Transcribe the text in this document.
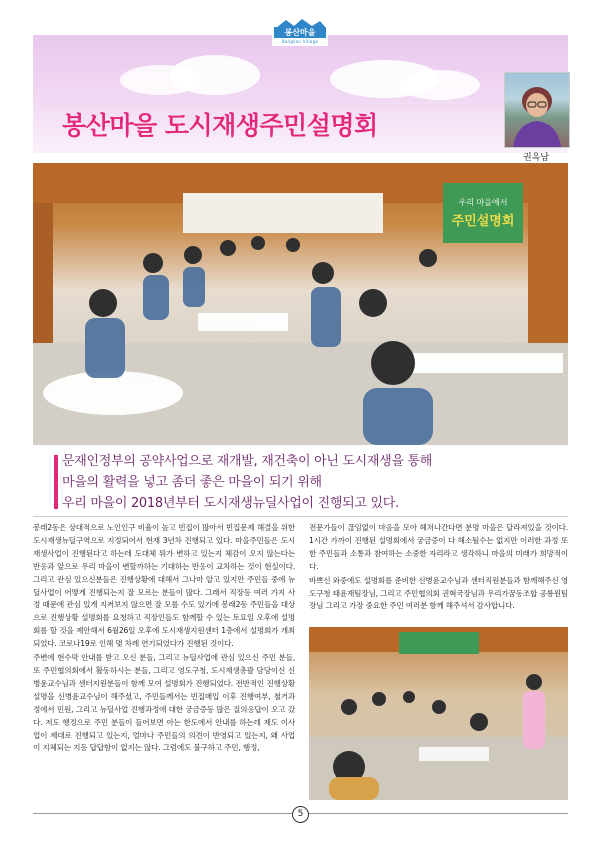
봉산마을
Bongsan Village
봉산마을 도시재생주민설명회
권옥남
우리 마을에서
주민설명회

문재인정부의 공약사업으로 재개발, 재건축이 아닌 도시재생을 통해

마을의 활력을 넣고 좀더 좋은 마을이 되기 위해

우리 마을이 2018년부터 도시재생뉴딜사업이 진행되고 있다.

봉래2동은 상대적으로 노인인구 비율이 높고 빈집이 많아서 빈집문제 해결을 위한 도시재생뉴딜구역으로 지정되어서 현재 3년차 진행되고 있다. 마을주민들은 도시재생사업이 진행된다고 하는데 도대체 뭐가 변하고 있는지 체감이 오지 않는다는 반응과 앞으로 우리 마을이 변할까하는 기대하는 반응이 교차하는 것이 현실이다. 그리고 관심 있으신분들은 진행상황에 대해서 그나마 알고 있지만 주민들 중에 뉴딜사업이 어떻게 진행되는지 잘 모르는 분들이 많다. 그래서 직장등 여러 가지 사정 때문에 관심 있게 지켜보지 않으면 잘 모를 수도 있기에 봉래2동 주민들을 대상으로 진행상황 설명회를 요청하고 직장인들도 함께할 수 있는 토요일 오후에 설명회를 할 것을 제안해서 6월26일 오후에 도시재생지원센터 1층에서 설명회가 개최되었다. 코로나19로 인해 몇 차례 연기되었다가 진행된 것이다.

주변에 현수막 안내를 받고 오신 분들, 그리고 뉴딜사업에 관심 있으신 주민 분들, 또 주민협의회에서 활동하시는 분들, 그리고 영도구청, 도시재생총괄 담당이신 신병윤교수님과 센터지원분들이 함께 모여 설명회가 진행되었다. 전반적인 진행상황 설명을 신병윤교수님이 해주셨고, 주민들께서는 빈집매입 이후 진행여부, 철거과정에서 민원, 그리고 뉴딜사업 진행과정에 대한 궁금증등 많은 질의응답이 오고 갔다. 저도 행정으로 주민 분들이 들어보면 아는 한도에서 안내를 하는데 제도 이사업이 제대로 진행되고 있는지, 얼마나 주민들의 의견이 반영되고 있는지, 왜 사업이 지체되는 지등 답답함이 없지는 않다. 그럼에도 불구하고 주민, 행정,

전문가들이 끊임없이 마음을 모아 헤쳐나간다면 분명 마을은 달라져있을 것이다. 1시간 가까이 진행된 설명회에서 궁금증이 다 해소될수는 없지만 이러한 과정 또한 주민들과 소통과 참여하는 소중한 자리라고 생각하니 마을의 미래가 희망적이다.

바쁘신 와중에도 설명회를 준비한 신병윤교수님과 센터직원분들과 함께해주신 영도구청 태윤재팀장님, 그리고 주민협의회 권혁국장님과 우리가꿈동조합 공룡원팀장님 그리고 가장 중요한 주민 여러분 함께 해주셔서 감사합니다.

5
